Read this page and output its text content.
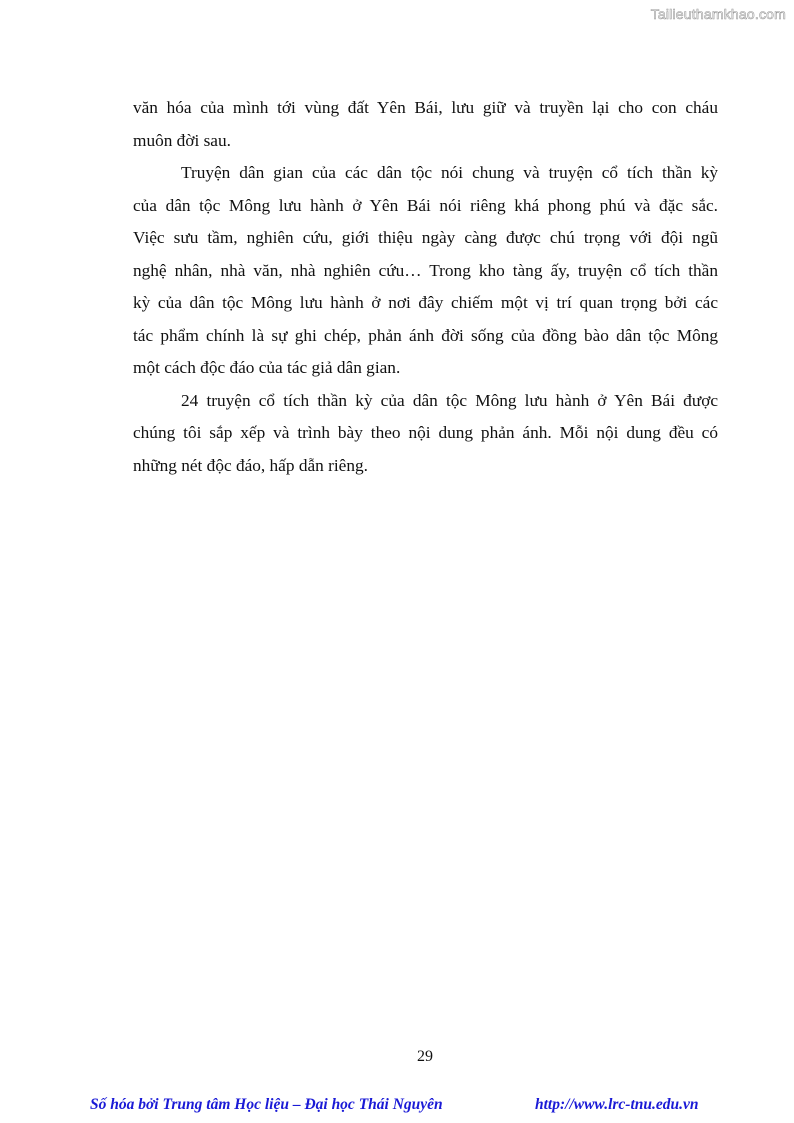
Tailieuthamkhao.com
văn hóa của mình tới vùng đất Yên Bái, lưu giữ và truyền lại cho con cháu
muôn đời sau.
Truyện dân gian của các dân tộc nói chung và truyện cổ tích thần kỳ
của dân tộc Mông lưu hành ở Yên Bái nói riêng khá phong phú và đặc sắc.
Việc sưu tầm, nghiên cứu, giới thiệu ngày càng được chú trọng với đội ngũ
nghệ nhân, nhà văn, nhà nghiên cứu… Trong kho tàng ấy, truyện cổ tích thần
kỳ của dân tộc Mông lưu hành ở nơi đây chiếm một vị trí quan trọng bởi các
tác phẩm chính là sự ghi chép, phản ánh đời sống của đồng bào dân tộc Mông
một cách độc đáo của tác giả dân gian.
24 truyện cổ tích thần kỳ của dân tộc Mông lưu hành ở Yên Bái được
chúng tôi sắp xếp và trình bày theo nội dung phản ánh. Mỗi nội dung đều có
những nét độc đáo, hấp dẫn riêng.
29
Số hóa bởi Trung tâm Học liệu – Đại học Thái Nguyên	http://www.lrc-tnu.edu.vn
